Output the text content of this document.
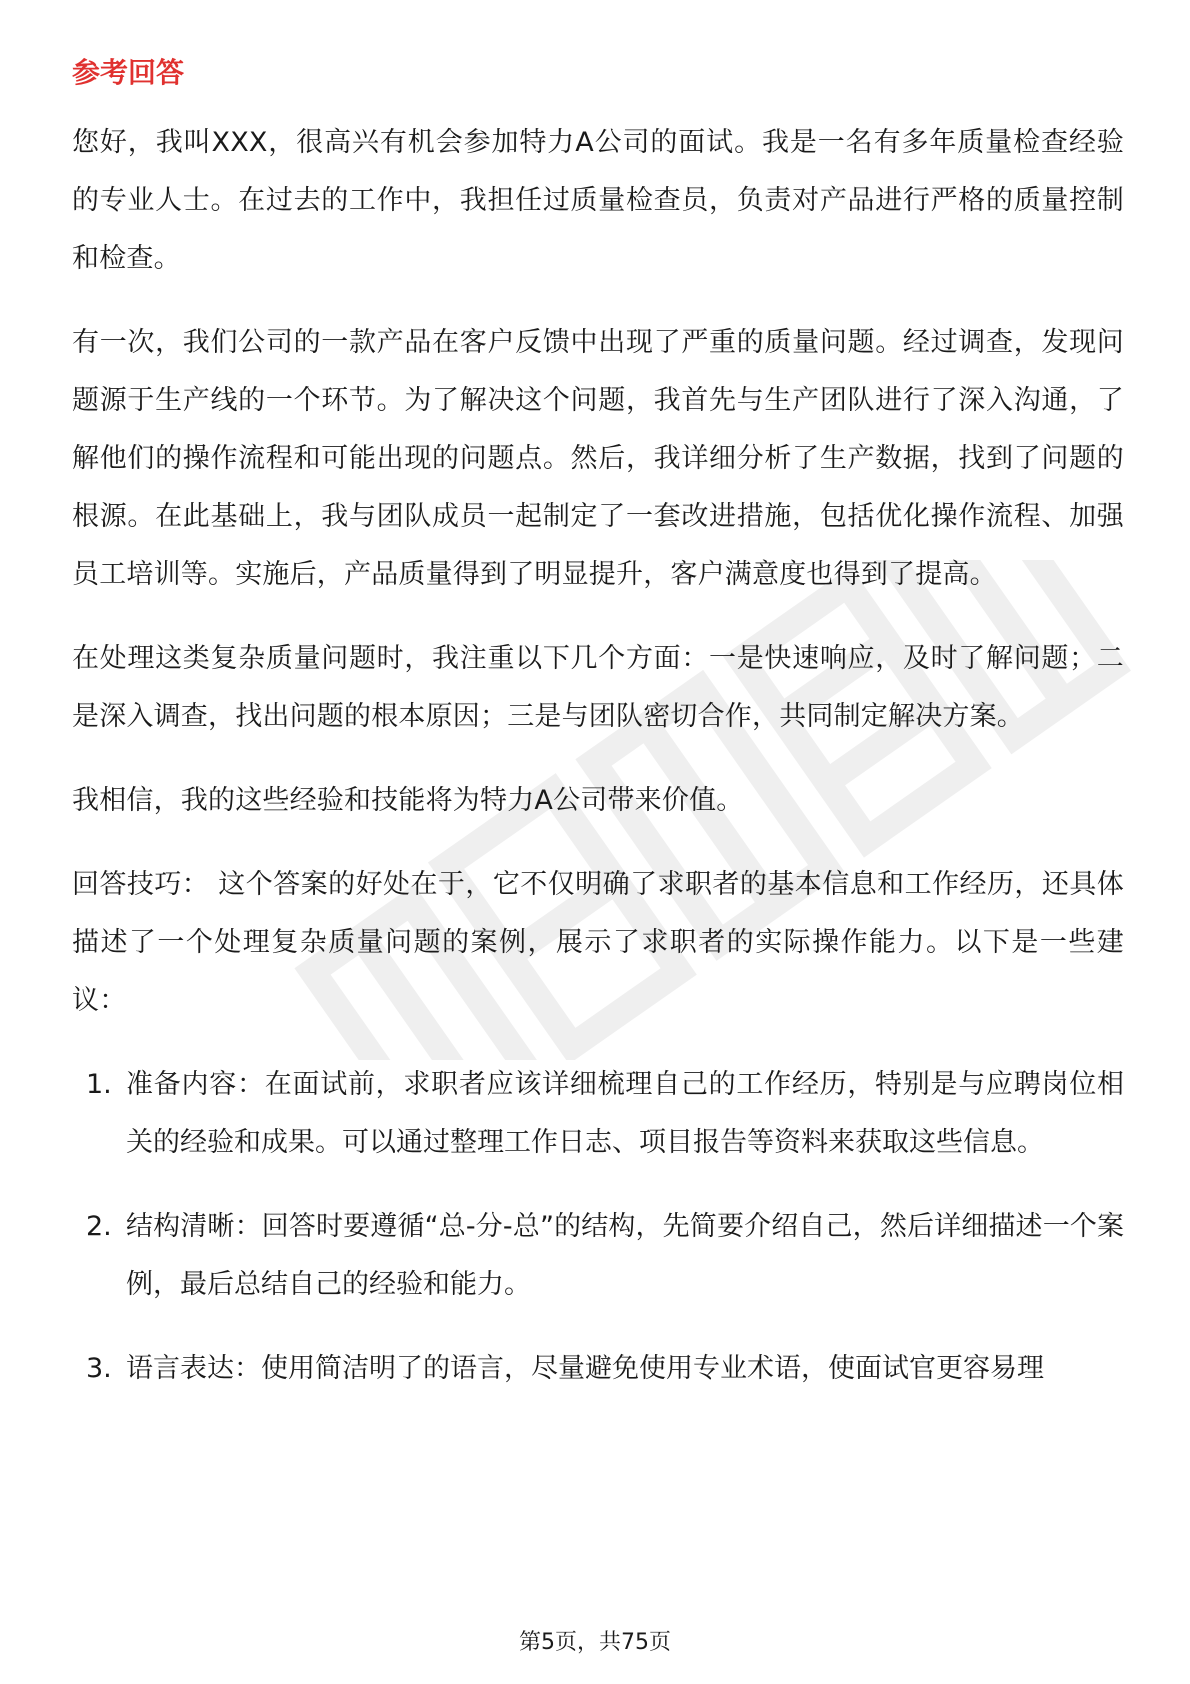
参考回答

您好，我叫XXX，很高兴有机会参加特力A公司的面试。我是一名有多年质量检查经验的专业人士。在过去的工作中，我担任过质量检查员，负责对产品进行严格的质量控制和检查。

有一次，我们公司的一款产品在客户反馈中出现了严重的质量问题。经过调查，发现问题源于生产线的一个环节。为了解决这个问题，我首先与生产团队进行了深入沟通，了解他们的操作流程和可能出现的问题点。然后，我详细分析了生产数据，找到了问题的根源。在此基础上，我与团队成员一起制定了一套改进措施，包括优化操作流程、加强员工培训等。实施后，产品质量得到了明显提升，客户满意度也得到了提高。

在处理这类复杂质量问题时，我注重以下几个方面：一是快速响应，及时了解问题；二是深入调查，找出问题的根本原因；三是与团队密切合作，共同制定解决方案。

我相信，我的这些经验和技能将为特力A公司带来价值。

回答技巧： 这个答案的好处在于，它不仅明确了求职者的基本信息和工作经历，还具体描述了一个处理复杂质量问题的案例，展示了求职者的实际操作能力。以下是一些建议：

1. 准备内容：在面试前，求职者应该详细梳理自己的工作经历，特别是与应聘岗位相关的经验和成果。可以通过整理工作日志、项目报告等资料来获取这些信息。
2. 结构清晰：回答时要遵循“总-分-总”的结构，先简要介绍自己，然后详细描述一个案例，最后总结自己的经验和能力。
3. 语言表达：使用简洁明了的语言，尽量避免使用专业术语，使面试官更容易理
第5页，共75页
